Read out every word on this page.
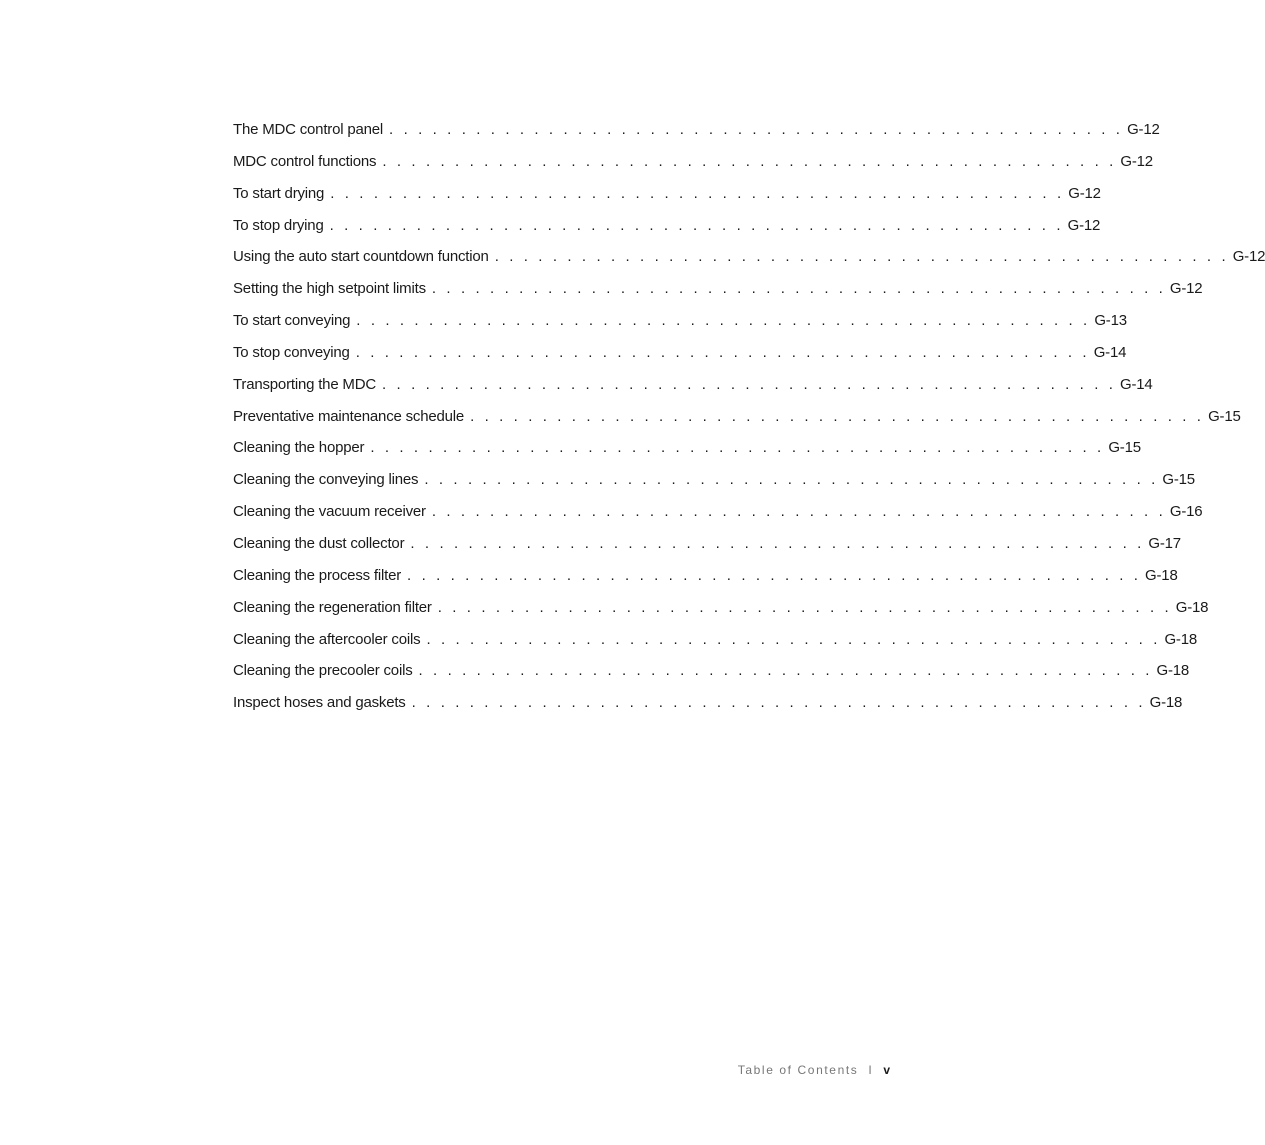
The MDC control panel . . . . . . . . . . . . . . . . . . . . . . . . . . . . . . . . . . . . . . . . . . . . . . . . . . . G-12
MDC control functions . . . . . . . . . . . . . . . . . . . . . . . . . . . . . . . . . . . . . . . . . . . . . . . . . . . G-12
To start drying . . . . . . . . . . . . . . . . . . . . . . . . . . . . . . . . . . . . . . . . . . . . . . . . . . . G-12
To stop drying . . . . . . . . . . . . . . . . . . . . . . . . . . . . . . . . . . . . . . . . . . . . . . . . . . . G-12
Using the auto start countdown function . . . . . . . . . . . . . . . . . . . . . . . . . . . . . . . . . . . . . . . . . . . . . . . . . . . G-12
Setting the high setpoint limits . . . . . . . . . . . . . . . . . . . . . . . . . . . . . . . . . . . . . . . . . . . . . . . . . . . G-12
To start conveying . . . . . . . . . . . . . . . . . . . . . . . . . . . . . . . . . . . . . . . . . . . . . . . . . . . G-13
To stop conveying . . . . . . . . . . . . . . . . . . . . . . . . . . . . . . . . . . . . . . . . . . . . . . . . . . . G-14
Transporting the MDC . . . . . . . . . . . . . . . . . . . . . . . . . . . . . . . . . . . . . . . . . . . . . . . . . . . G-14
Preventative maintenance schedule . . . . . . . . . . . . . . . . . . . . . . . . . . . . . . . . . . . . . . . . . . . . . . . . . . . G-15
Cleaning the hopper . . . . . . . . . . . . . . . . . . . . . . . . . . . . . . . . . . . . . . . . . . . . . . . . . . . G-15
Cleaning the conveying lines . . . . . . . . . . . . . . . . . . . . . . . . . . . . . . . . . . . . . . . . . . . . . . . . . . . G-15
Cleaning the vacuum receiver . . . . . . . . . . . . . . . . . . . . . . . . . . . . . . . . . . . . . . . . . . . . . . . . . . . G-16
Cleaning the dust collector . . . . . . . . . . . . . . . . . . . . . . . . . . . . . . . . . . . . . . . . . . . . . . . . . . . G-17
Cleaning the process filter . . . . . . . . . . . . . . . . . . . . . . . . . . . . . . . . . . . . . . . . . . . . . . . . . . . G-18
Cleaning the regeneration filter . . . . . . . . . . . . . . . . . . . . . . . . . . . . . . . . . . . . . . . . . . . . . . . . . . . G-18
Cleaning the aftercooler coils . . . . . . . . . . . . . . . . . . . . . . . . . . . . . . . . . . . . . . . . . . . . . . . . . . . G-18
Cleaning the precooler coils . . . . . . . . . . . . . . . . . . . . . . . . . . . . . . . . . . . . . . . . . . . . . . . . . . . G-18
Inspect hoses and gaskets . . . . . . . . . . . . . . . . . . . . . . . . . . . . . . . . . . . . . . . . . . . . . . . . . . . G-18
Table of Contents I v
